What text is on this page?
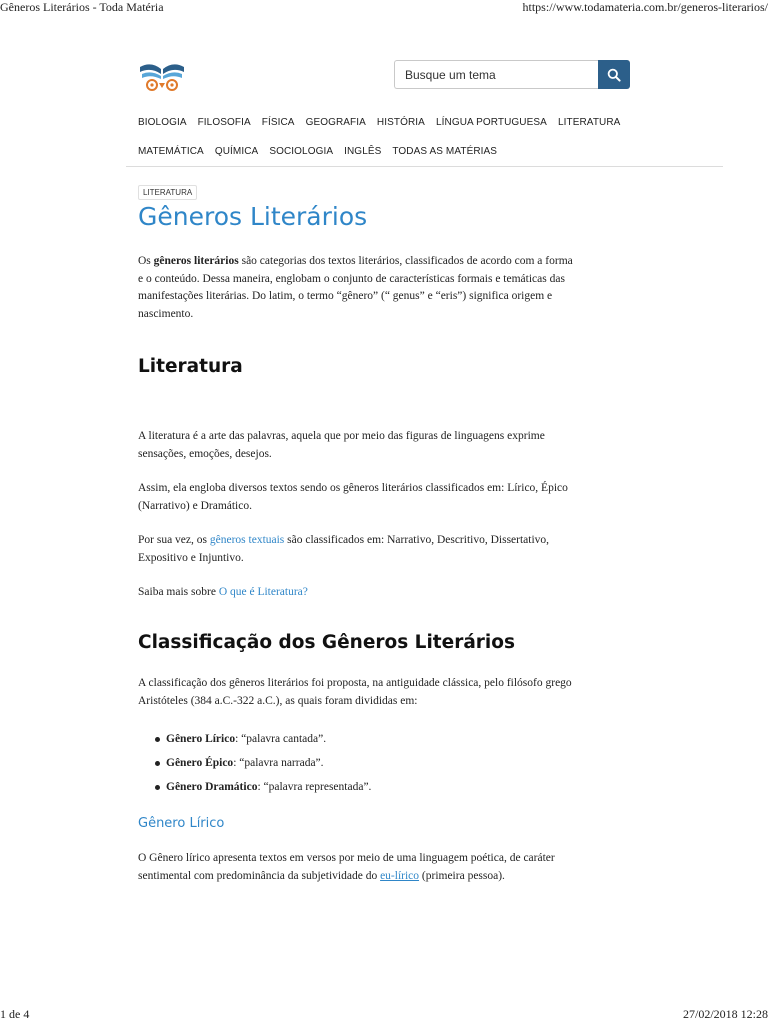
Gêneros Literários - Toda Matéria	https://www.todamateria.com.br/generos-literarios/
Busque um tema
BIOLOGIA FILOSOFIA FÍSICA GEOGRAFIA HISTÓRIA LÍNGUA PORTUGUESA LITERATURA
MATEMÁTICA QUÍMICA SOCIOLOGIA INGLÊS TODAS AS MATÉRIAS
LITERATURA
Gêneros Literários

Os gêneros literários são categorias dos textos literários, classificados de acordo com a forma e o conteúdo. Dessa maneira, englobam o conjunto de características formais e temáticas das manifestações literárias. Do latim, o termo “gênero” (“ genus” e “eris”) significa origem e nascimento.

Literatura

A literatura é a arte das palavras, aquela que por meio das figuras de linguagens exprime sensações, emoções, desejos.

Assim, ela engloba diversos textos sendo os gêneros literários classificados em: Lírico, Épico (Narrativo) e Dramático.

Por sua vez, os gêneros textuais são classificados em: Narrativo, Descritivo, Dissertativo, Expositivo e Injuntivo.

Saiba mais sobre O que é Literatura?

Classificação dos Gêneros Literários

A classificação dos gêneros literários foi proposta, na antiguidade clássica, pelo filósofo grego Aristóteles (384 a.C.-322 a.C.), as quais foram divididas em:

Gênero Lírico : “palavra cantada”.
Gênero Épico : “palavra narrada”.
Gênero Dramático : “palavra representada”.
Gênero Lírico

O Gênero lírico apresenta textos em versos por meio de uma linguagem poética, de caráter sentimental com predominância da subjetividade do eu-lírico (primeira pessoa).

1 de 4	27/02/2018 12:28
